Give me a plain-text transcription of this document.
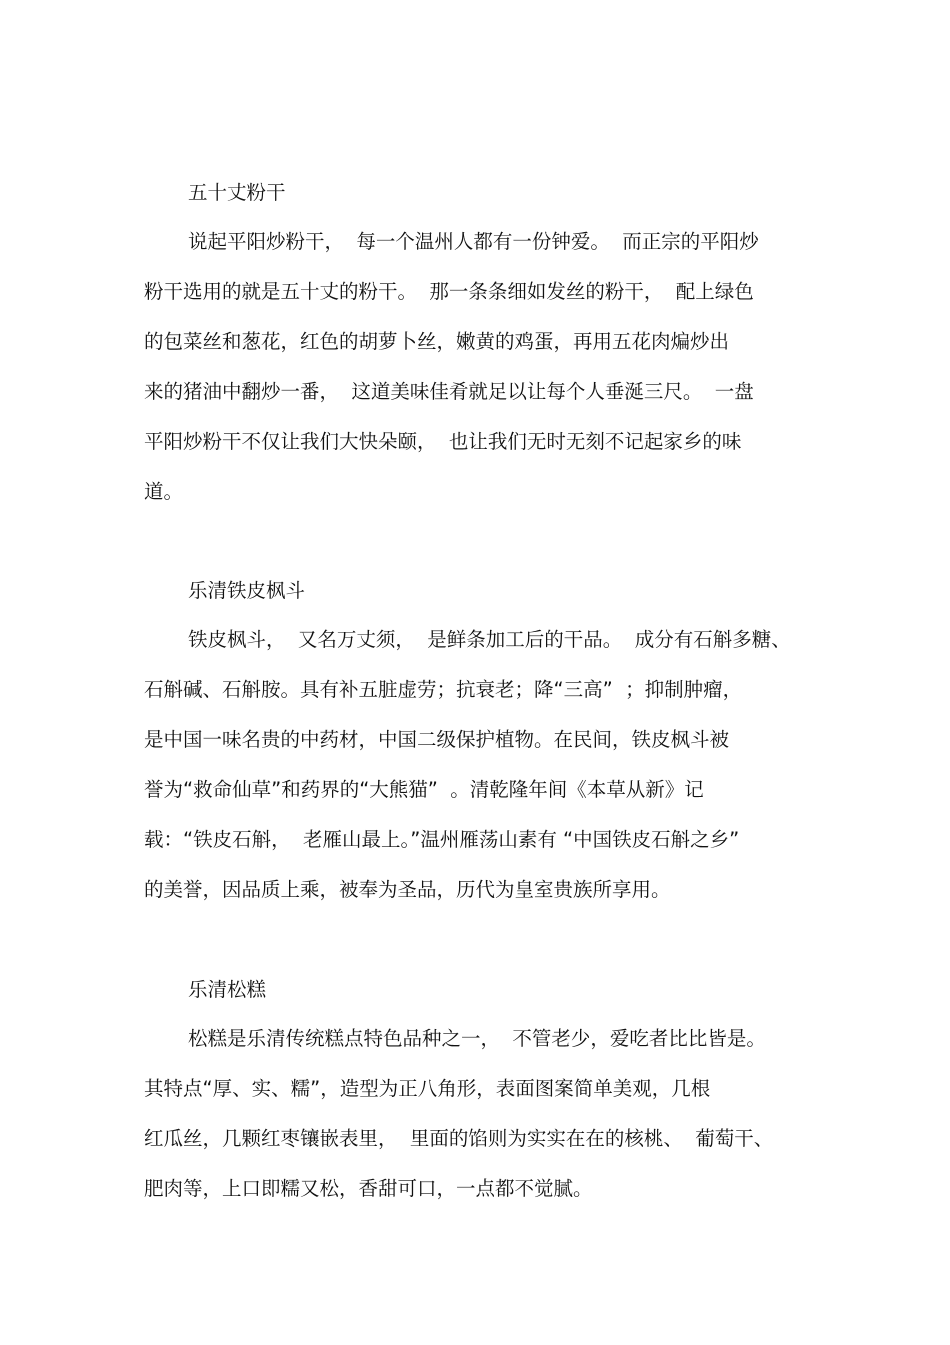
五十丈粉干
说起平阳炒粉干，  每一个温州人都有一份钟爱。  而正宗的平阳炒
粉干选用的就是五十丈的粉干。  那一条条细如发丝的粉干，  配上绿色
的包菜丝和葱花，红色的胡萝卜丝，嫩黄的鸡蛋，再用五花肉煸炒出
来的猪油中翻炒一番，  这道美味佳肴就足以让每个人垂涎三尺。  一盘
平阳炒粉干不仅让我们大快朵颐，  也让我们无时无刻不记起家乡的味
道。
乐清铁皮枫斗
铁皮枫斗，  又名万丈须，  是鲜条加工后的干品。  成分有石斛多糖、
石斛碱、石斛胺。具有补五脏虚劳；抗衰老；降“三高”  ；抑制肿瘤，
是中国一味名贵的中药材，中国二级保护植物。在民间，铁皮枫斗被
誉为“救命仙草”和药界的“大熊猫”  。清乾隆年间《本草从新》记
载：“铁皮石斛，  老雁山最上。”温州雁荡山素有 “中国铁皮石斛之乡”
的美誉，因品质上乘，被奉为圣品，历代为皇室贵族所享用。
乐清松糕
松糕是乐清传统糕点特色品种之一，  不管老少，爱吃者比比皆是。
其特点“厚、实、糯”，造型为正八角形，表面图案简单美观，几根
红瓜丝，几颗红枣镶嵌表里，  里面的馅则为实实在在的核桃、  葡萄干、
肥肉等，上口即糯又松，香甜可口，一点都不觉腻。
